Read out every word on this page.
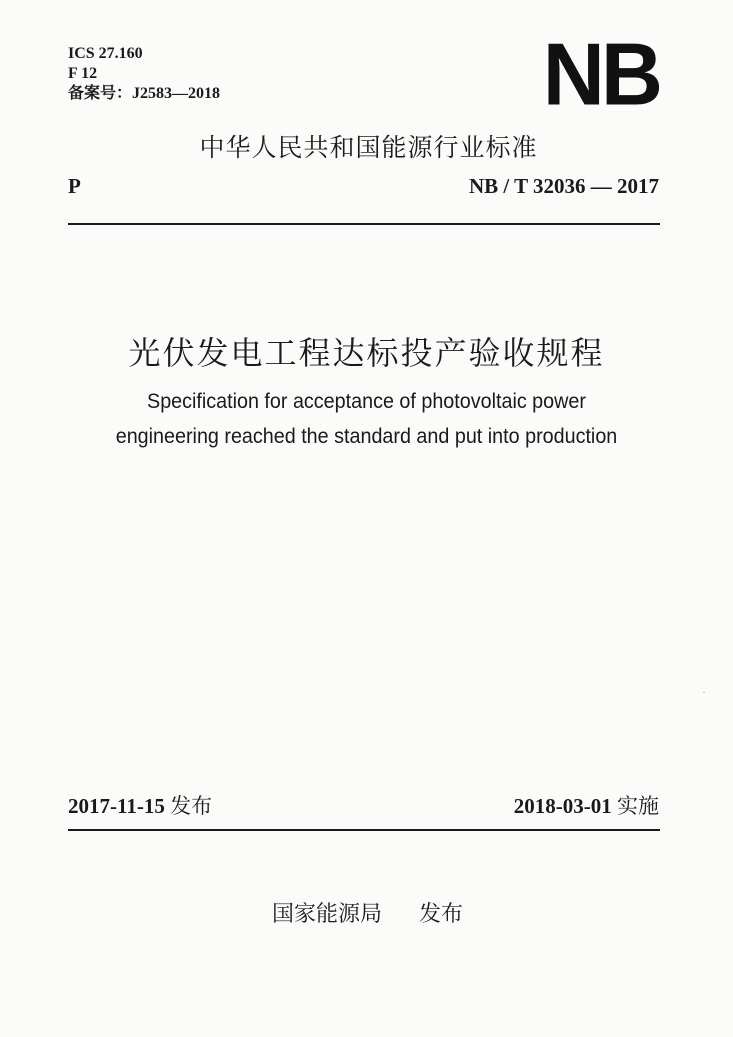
ICS 27.160
F 12
备案号：J2583—2018	NB
中华人民共和国能源行业标准
P	NB / T 32036 — 2017
光伏发电工程达标投产验收规程
Specification for acceptance of photovoltaic power
engineering reached the standard and put into production
2017-11-15 发布	2018-03-01 实施
国家能源局 发布
